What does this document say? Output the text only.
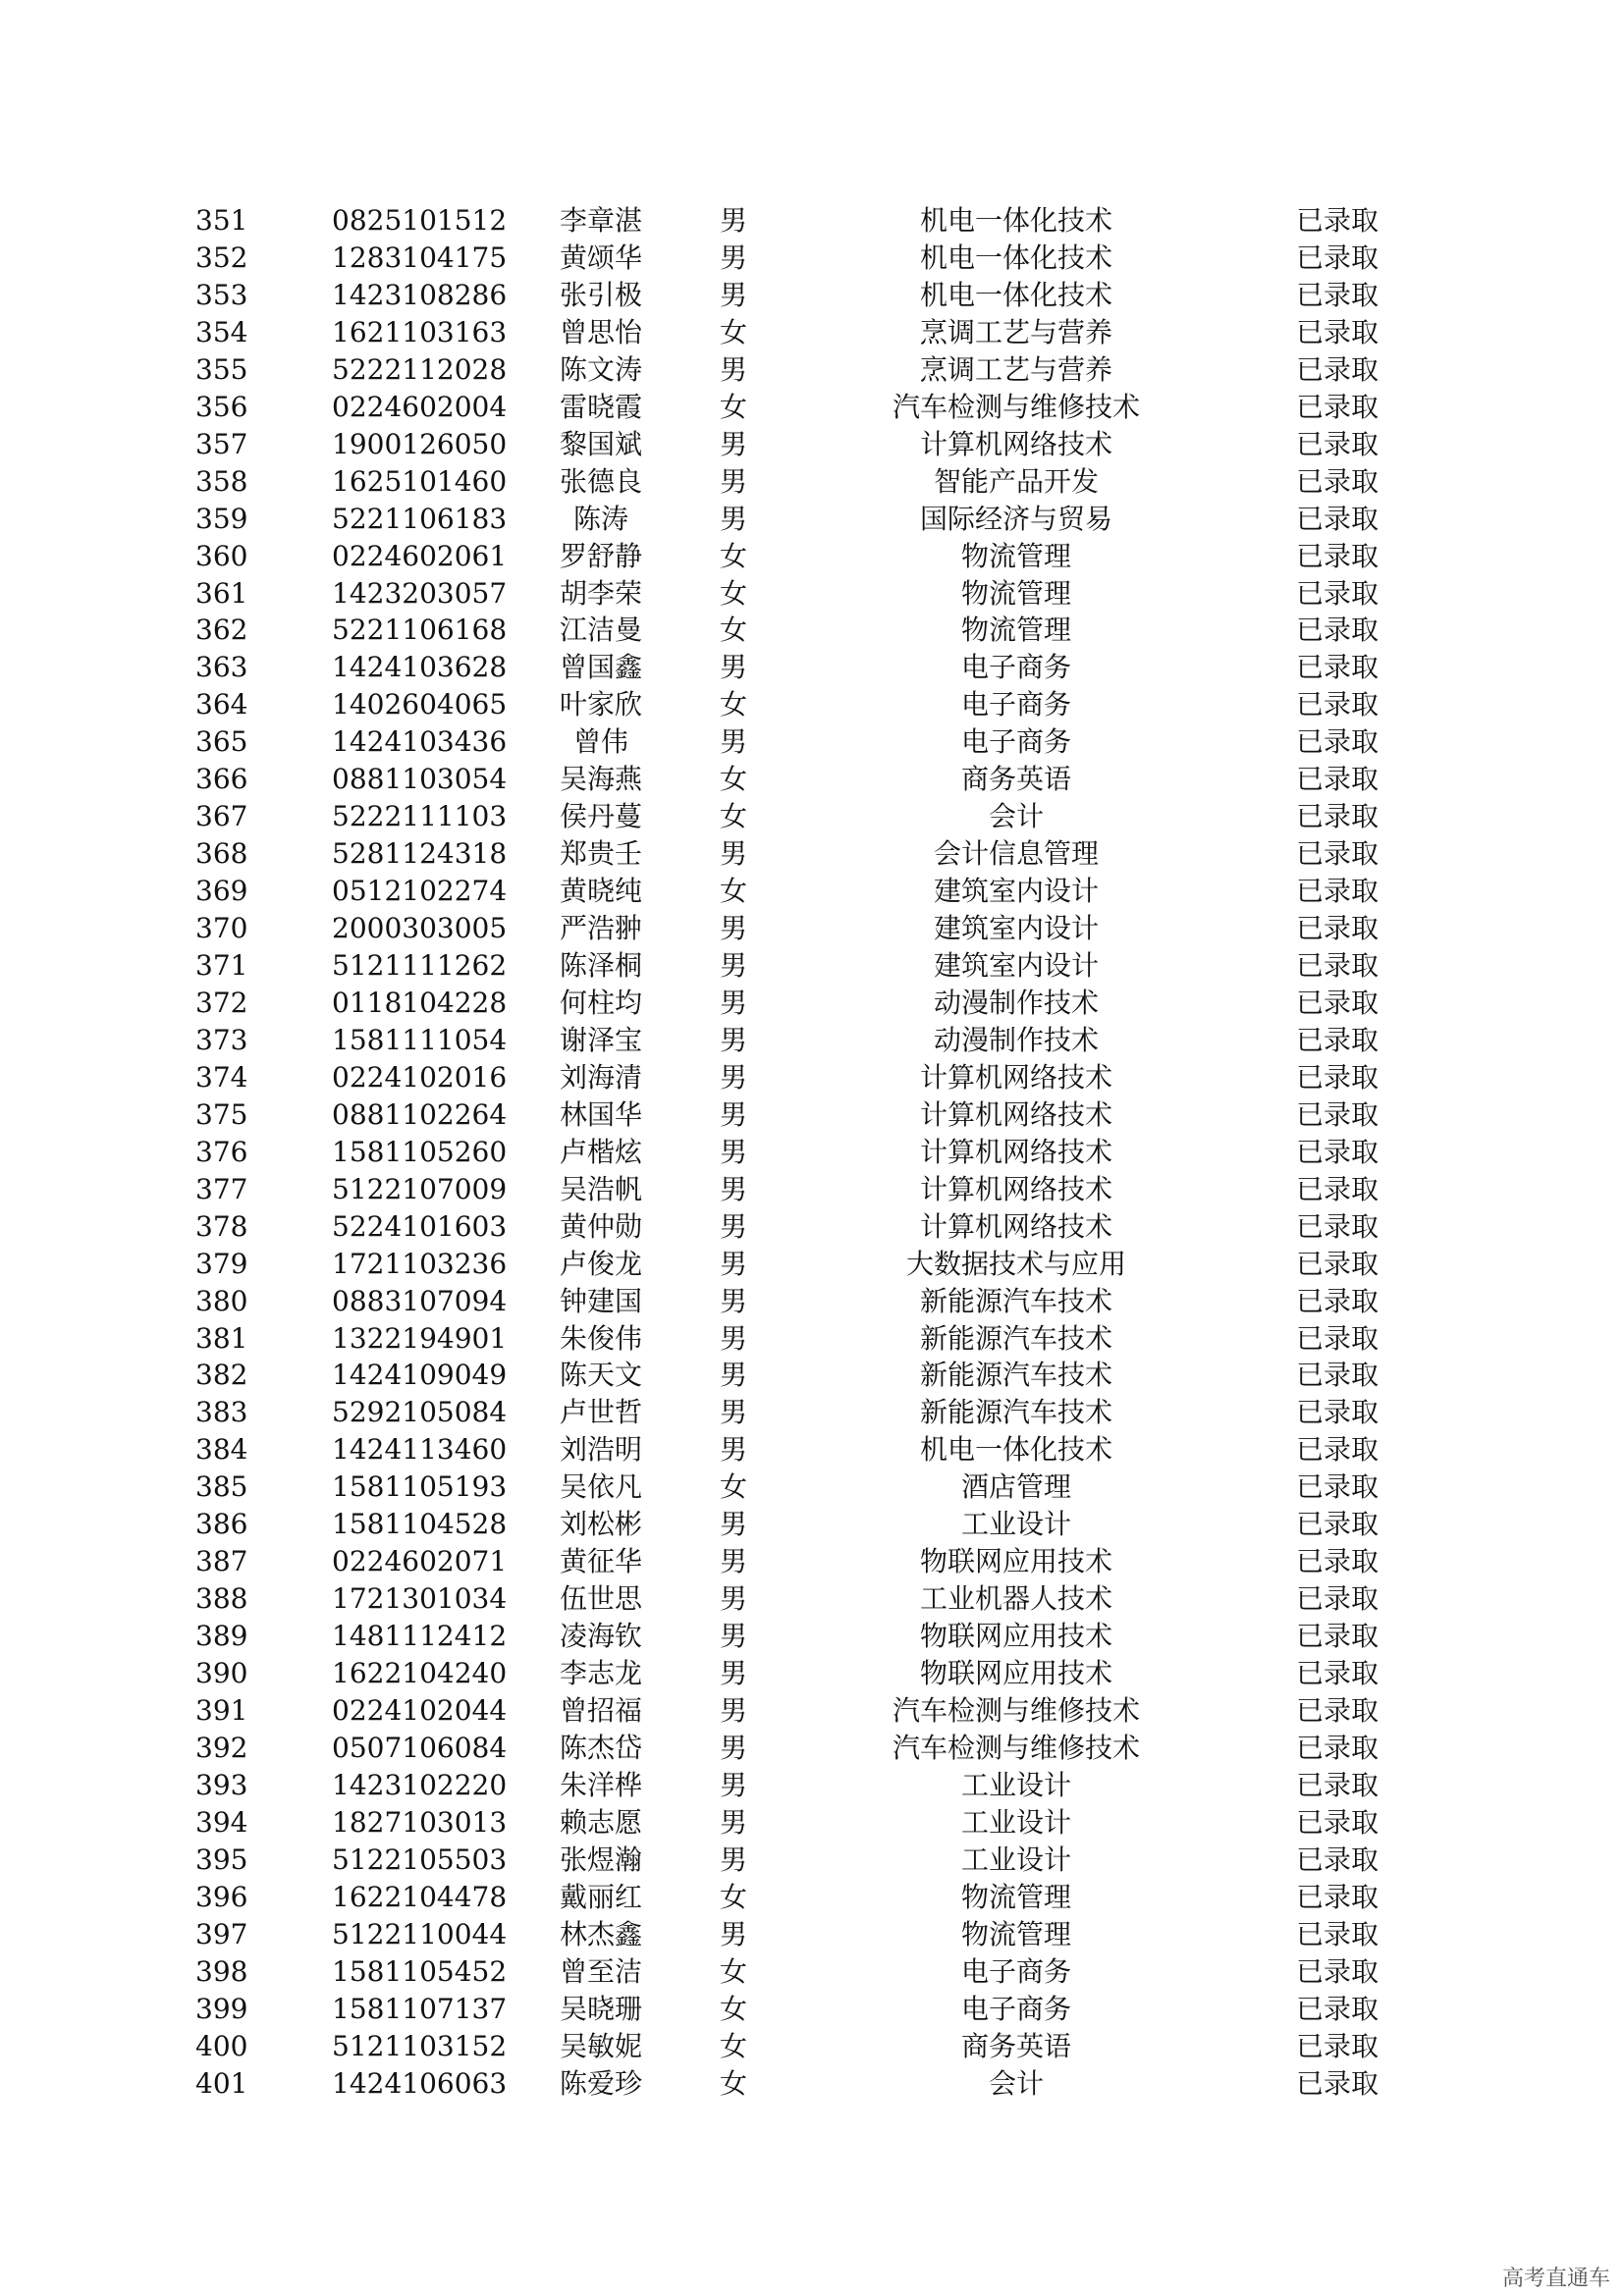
351	0825101512 李章湛	男	机电一体化技术	已录取
352	1283104175 黄颂华	男	机电一体化技术	已录取
353	1423108286 张引极	男	机电一体化技术	已录取
354	1621103163 曾思怡	女	烹调工艺与营养	已录取
355	5222112028 陈文涛	男	烹调工艺与营养	已录取
356	0224602004 雷晓霞	女	汽车检测与维修技术	已录取
357	1900126050 黎国斌	男	计算机网络技术	已录取
358	1625101460 张德良	男	智能产品开发	已录取
359	5221106183 陈涛	男	国际经济与贸易	已录取
360	0224602061 罗舒静	女	物流管理	已录取
361	1423203057 胡李荣	女	物流管理	已录取
362	5221106168 江洁曼	女	物流管理	已录取
363	1424103628 曾国鑫	男	电子商务	已录取
364	1402604065 叶家欣	女	电子商务	已录取
365	1424103436 曾伟	男	电子商务	已录取
366	0881103054 吴海燕	女	商务英语	已录取
367	5222111103 侯丹蔓	女	会计	已录取
368	5281124318 郑贵壬	男	会计信息管理	已录取
369	0512102274 黄晓纯	女	建筑室内设计	已录取
370	2000303005 严浩翀	男	建筑室内设计	已录取
371	5121111262 陈泽桐	男	建筑室内设计	已录取
372	0118104228 何柱均	男	动漫制作技术	已录取
373	1581111054 谢泽宝	男	动漫制作技术	已录取
374	0224102016 刘海清	男	计算机网络技术	已录取
375	0881102264 林国华	男	计算机网络技术	已录取
376	1581105260 卢楷炫	男	计算机网络技术	已录取
377	5122107009 吴浩帆	男	计算机网络技术	已录取
378	5224101603 黄仲勋	男	计算机网络技术	已录取
379	1721103236 卢俊龙	男	大数据技术与应用	已录取
380	0883107094 钟建国	男	新能源汽车技术	已录取
381	1322194901 朱俊伟	男	新能源汽车技术	已录取
382	1424109049 陈天文	男	新能源汽车技术	已录取
383	5292105084 卢世哲	男	新能源汽车技术	已录取
384	1424113460 刘浩明	男	机电一体化技术	已录取
385	1581105193 吴依凡	女	酒店管理	已录取
386	1581104528 刘松彬	男	工业设计	已录取
387	0224602071 黄征华	男	物联网应用技术	已录取
388	1721301034 伍世思	男	工业机器人技术	已录取
389	1481112412 凌海钦	男	物联网应用技术	已录取
390	1622104240 李志龙	男	物联网应用技术	已录取
391	0224102044 曾招福	男	汽车检测与维修技术	已录取
392	0507106084 陈杰岱	男	汽车检测与维修技术	已录取
393	1423102220 朱洋桦	男	工业设计	已录取
394	1827103013 赖志愿	男	工业设计	已录取
395	5122105503 张煜瀚	男	工业设计	已录取
396	1622104478 戴丽红	女	物流管理	已录取
397	5122110044 林杰鑫	男	物流管理	已录取
398	1581105452 曾至洁	女	电子商务	已录取
399	1581107137 吴晓珊	女	电子商务	已录取
400	5121103152 吴敏妮	女	商务英语	已录取
401	1424106063 陈爱珍	女	会计	已录取
高考直通车
